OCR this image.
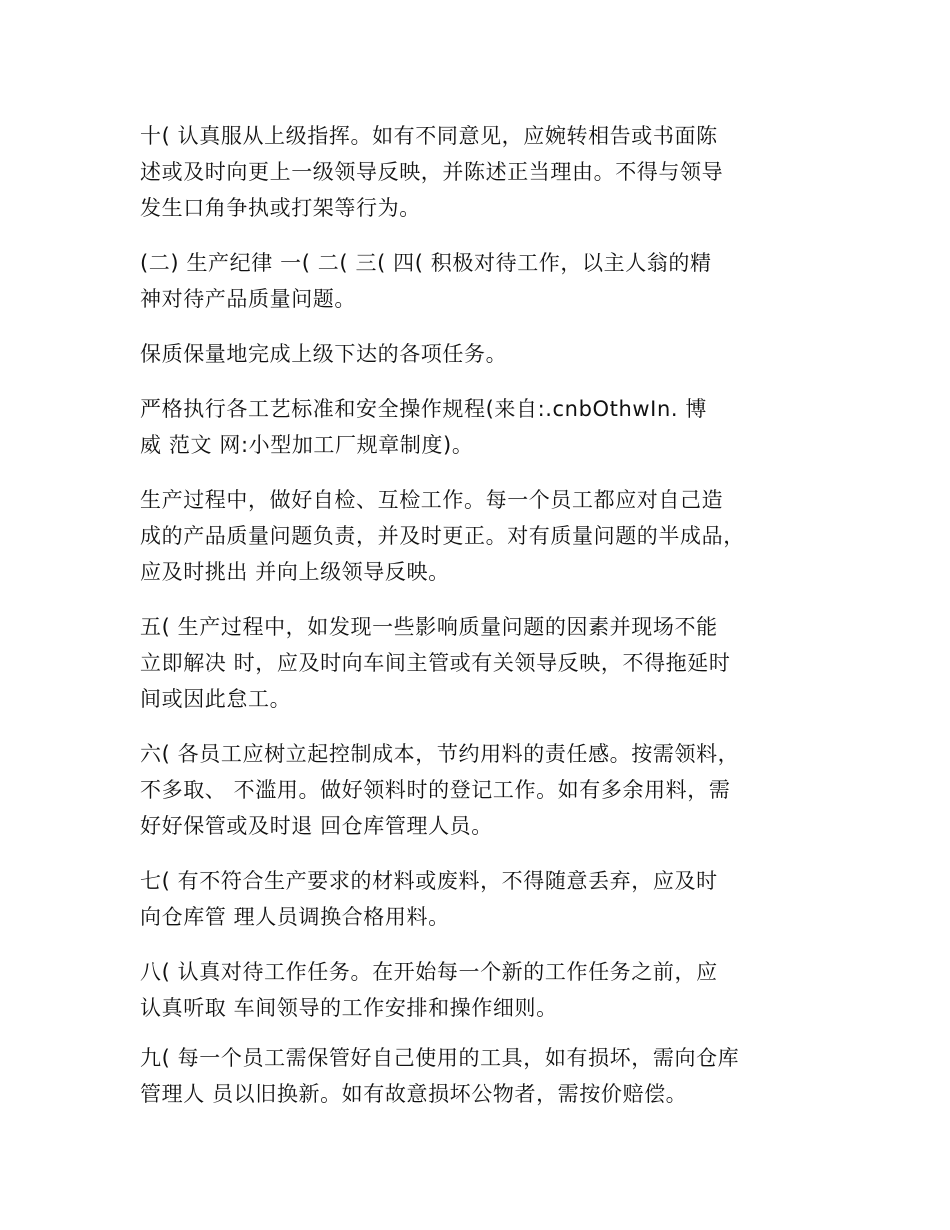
十( 认真服从上级指挥。如有不同意见，应婉转相告或书面陈
述或及时向更上一级领导反映，并陈述正当理由。不得与领导
发生口角争执或打架等行为。

(二) 生产纪律 一( 二( 三( 四( 积极对待工作，以主人翁的精
神对待产品质量问题。

保质保量地完成上级下达的各项任务。

严格执行各工艺标准和安全操作规程(来自:.cnbOthwIn. 博
威 范文 网:小型加工厂规章制度)。

生产过程中，做好自检、互检工作。每一个员工都应对自己造
成的产品质量问题负责，并及时更正。对有质量问题的半成品，
应及时挑出 并向上级领导反映。

五( 生产过程中，如发现一些影响质量问题的因素并现场不能
立即解决 时，应及时向车间主管或有关领导反映，不得拖延时
间或因此怠工。

六( 各员工应树立起控制成本，节约用料的责任感。按需领料，
不多取、 不滥用。做好领料时的登记工作。如有多余用料，需
好好保管或及时退 回仓库管理人员。

七( 有不符合生产要求的材料或废料，不得随意丢弃，应及时
向仓库管 理人员调换合格用料。

八( 认真对待工作任务。在开始每一个新的工作任务之前，应
认真听取 车间领导的工作安排和操作细则。

九( 每一个员工需保管好自己使用的工具，如有损坏，需向仓库
管理人 员以旧换新。如有故意损坏公物者，需按价赔偿。
